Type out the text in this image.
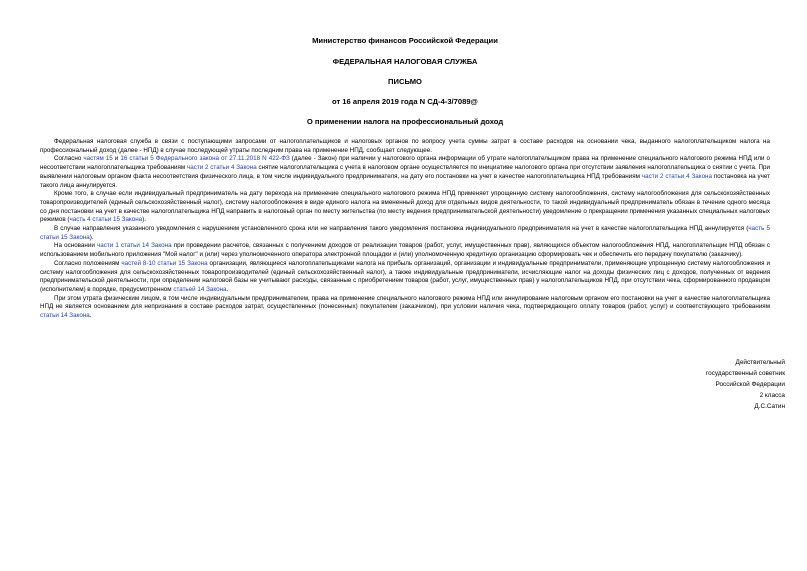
Министерство финансов Российской Федерации
ФЕДЕРАЛЬНАЯ НАЛОГОВАЯ СЛУЖБА
ПИСЬМО
от 16 апреля 2019 года N СД-4-3/7089@
О применении налога на профессиональный доход

Федеральная налоговая служба в связи с поступающими запросами от налогоплательщиков и налоговых органов по вопросу учета суммы затрат в составе расходов на основании чека, выданного налогоплательщиком налога на профессиональный доход (далее - НПД) в случае последующей утраты последним права на применение НПД, сообщает следующее.

Согласно частям 15 и 16 статьи 5 Федерального закона от 27.11.2018 N 422-ФЗ (далее - Закон) при наличии у налогового органа информации об утрате налогоплательщиком права на применение специального налогового режима НПД или о несоответствии налогоплательщика требованиям части 2 статьи 4 Закона снятие налогоплательщика с учета в налоговом органе осуществляется по инициативе налогового органа при отсутствии заявления налогоплательщика о снятии с учета. При выявлении налоговым органом факта несоответствия физического лица, в том числе индивидуального предпринимателя, на дату его постановки на учет в качестве налогоплательщика НПД требованиям части 2 статьи 4 Закона постановка на учет такого лица аннулируется.

Кроме того, в случае если индивидуальный предприниматель на дату перехода на применение специального налогового режима НПД применяет упрощенную систему налогообложения, систему налогообложения для сельскохозяйственных товаропроизводителей (единый сельскохозяйственный налог), систему налогообложения в виде единого налога на вмененный доход для отдельных видов деятельности, то такой индивидуальный предприниматель обязан в течение одного месяца со дня постановки на учет в качестве налогоплательщика НПД направить в налоговый орган по месту жительства (по месту ведения предпринимательской деятельности) уведомление о прекращении применения указанных специальных налоговых режимов (часть 4 статьи 15 Закона).

В случае направления указанного уведомления с нарушением установленного срока или не направления такого уведомления постановка индивидуального предпринимателя на учет в качестве налогоплательщика НПД аннулируется (часть 5 статьи 15 Закона).

На основании части 1 статьи 14 Закона при проведении расчетов, связанных с получением доходов от реализации товаров (работ, услуг, имущественных прав), являющихся объектом налогообложения НПД, налогоплательщик НПД обязан с использованием мобильного приложения "Мой налог" и (или) через уполномоченного оператора электронной площадки и (или) уполномоченную кредитную организацию сформировать чек и обеспечить его передачу покупателю (заказчику).

Согласно положениям частей 8-10 статьи 15 Закона организации, являющиеся налогоплательщиками налога на прибыль организаций, организации и индивидуальные предприниматели, применяющие упрощенную систему налогообложения и систему налогообложения для сельскохозяйственных товаропроизводителей (единый сельскохозяйственный налог), а также индивидуальные предприниматели, исчисляющие налог на доходы физических лиц с доходов, полученных от ведения предпринимательской деятельности, при определении налоговой базы не учитывают расходы, связанные с приобретением товаров (работ, услуг, имущественных прав) у налогоплательщиков НПД, при отсутствии чека, сформированного продавцом (исполнителем) в порядке, предусмотренном статьей 14 Закона.

При этом утрата физическим лицом, в том числе индивидуальным предпринимателем, права на применение специального налогового режима НПД или аннулирование налоговым органом его постановки на учет в качестве налогоплательщика НПД не является основанием для непризнания в составе расходов затрат, осуществленных (понесенных) покупателем (заказчиком), при условии наличия чека, подтверждающего оплату товаров (работ, услуг) и соответствующего требованиям статьи 14 Закона.

Действительный
государственный советник
Российской Федерации
2 класса
Д.С.Сатин
